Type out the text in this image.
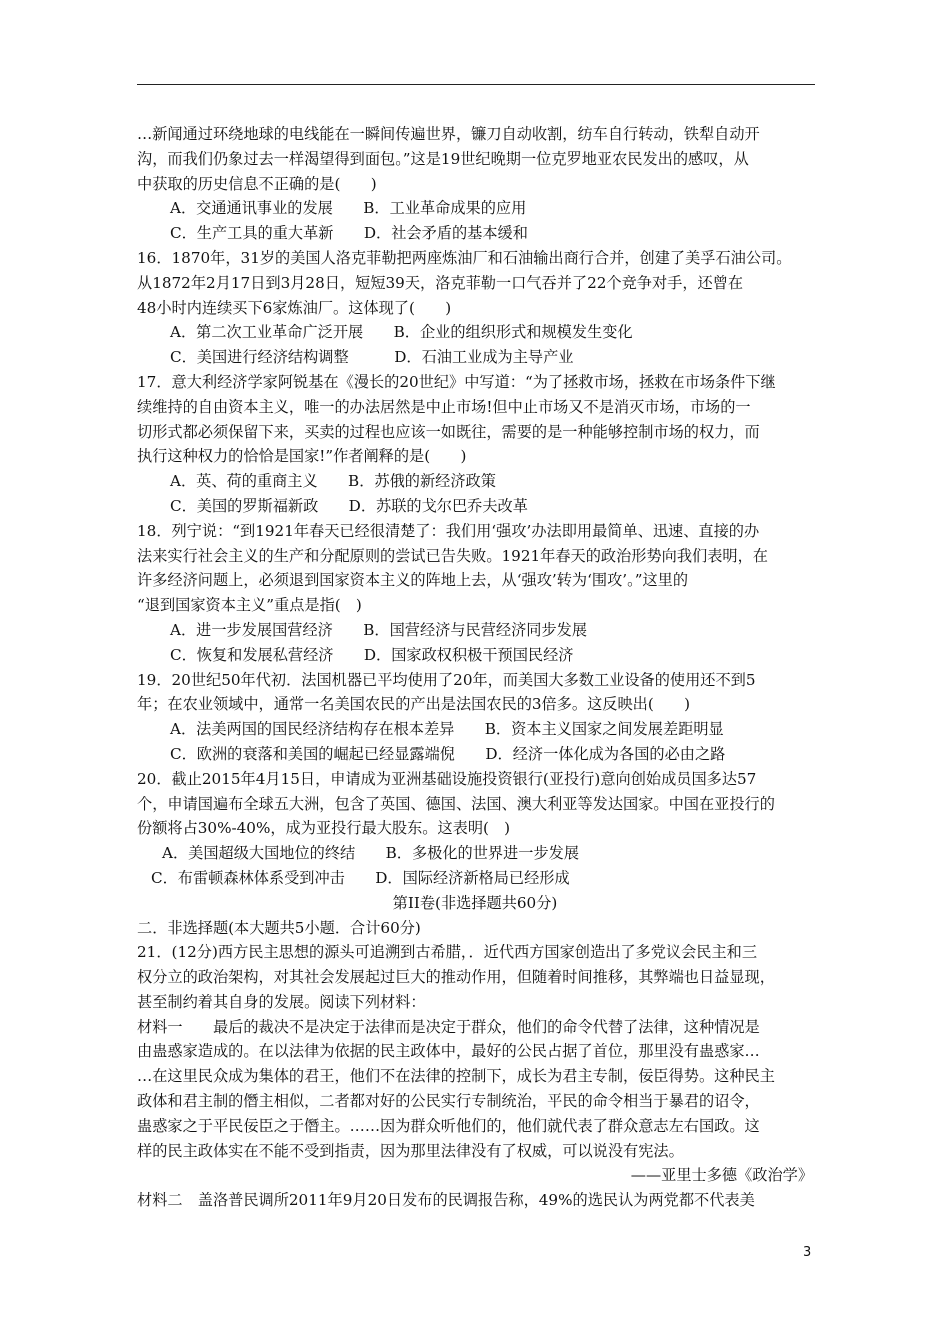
…新闻通过环绕地球的电线能在一瞬间传遍世界，镰刀自动收割，纺车自行转动，铁犁自动开
沟，而我们仍象过去一样渴望得到面包。”这是19世纪晚期一位克罗地亚农民发出的感叹，从
中获取的历史信息不正确的是(　　)
A．交通通讯事业的发展　　B．工业革命成果的应用
C．生产工具的重大革新　　D．社会矛盾的基本缓和
16．1870年，31岁的美国人洛克菲勒把两座炼油厂和石油输出商行合并，创建了美孚石油公司。
从1872年2月17日到3月28日，短短39天，洛克菲勒一口气吞并了22个竞争对手，还曾在
48小时内连续买下6家炼油厂。这体现了(　　)
A．第二次工业革命广泛开展　　B．企业的组织形式和规模发生变化
C．美国进行经济结构调整　　　D．石油工业成为主导产业
17．意大利经济学家阿锐基在《漫长的20世纪》中写道：“为了拯救市场，拯救在市场条件下继
续维持的自由资本主义，唯一的办法居然是中止市场!但中止市场又不是消灭市场，市场的一
切形式都必须保留下来，买卖的过程也应该一如既往，需要的是一种能够控制市场的权力，而
执行这种权力的恰恰是国家!”作者阐释的是(　　)
A．英、荷的重商主义　　B．苏俄的新经济政策
C．美国的罗斯福新政　　D．苏联的戈尔巴乔夫改革
18．列宁说：“到1921年春天已经很清楚了：我们用‘强攻’办法即用最简单、迅速、直接的办
法来实行社会主义的生产和分配原则的尝试已告失败。1921年春天的政治形势向我们表明，在
许多经济问题上，必须退到国家资本主义的阵地上去，从‘强攻’转为‘围攻’。”这里的
“退到国家资本主义”重点是指(　)
A．进一步发展国营经济　　B．国营经济与民营经济同步发展
C．恢复和发展私营经济　　D．国家政权积极干预国民经济
19．20世纪50年代初．法国机器已平均使用了20年，而美国大多数工业设备的使用还不到5
年；在农业领域中，通常一名美国农民的产出是法国农民的3倍多。这反映出(　　)
A．法美两国的国民经济结构存在根本差异　　B．资本主义国家之间发展差距明显
C．欧洲的衰落和美国的崛起已经显露端倪　　D．经济一体化成为各国的必由之路
20．截止2015年4月15日，申请成为亚洲基础设施投资银行(亚投行)意向创始成员国多达57
个，申请国遍布全球五大洲，包含了英国、德国、法国、澳大利亚等发达国家。中国在亚投行的
份额将占30%-40%，成为亚投行最大股东。这表明(　)
A．美国超级大国地位的终结　　B．多极化的世界进一步发展
C．布雷顿森林体系受到冲击　　D．国际经济新格局已经形成
第II卷(非选择题共60分)
二．非选择题(本大题共5小题．合计60分)
21．(12分)西方民主思想的源头可追溯到古希腊，．近代西方国家创造出了多党议会民主和三
权分立的政治架构，对其社会发展起过巨大的推动作用，但随着时间推移，其弊端也日益显现，
甚至制约着其自身的发展。阅读下列材料：
材料一　　最后的裁决不是决定于法律而是决定于群众，他们的命令代替了法律，这种情况是
由蛊惑家造成的。在以法律为依据的民主政体中，最好的公民占据了首位，那里没有蛊惑家…
…在这里民众成为集体的君王，他们不在法律的控制下，成长为君主专制，佞臣得势。这种民主
政体和君主制的僭主相似，二者都对好的公民实行专制统治，平民的命令相当于暴君的诏令，
蛊惑家之于平民佞臣之于僭主。……因为群众听他们的，他们就代表了群众意志左右国政。这
样的民主政体实在不能不受到指责，因为那里法律没有了权威，可以说没有宪法。
——亚里士多德《政治学》
材料二　盖洛普民调所2011年9月20日发布的民调报告称，49%的选民认为两党都不代表美
3
